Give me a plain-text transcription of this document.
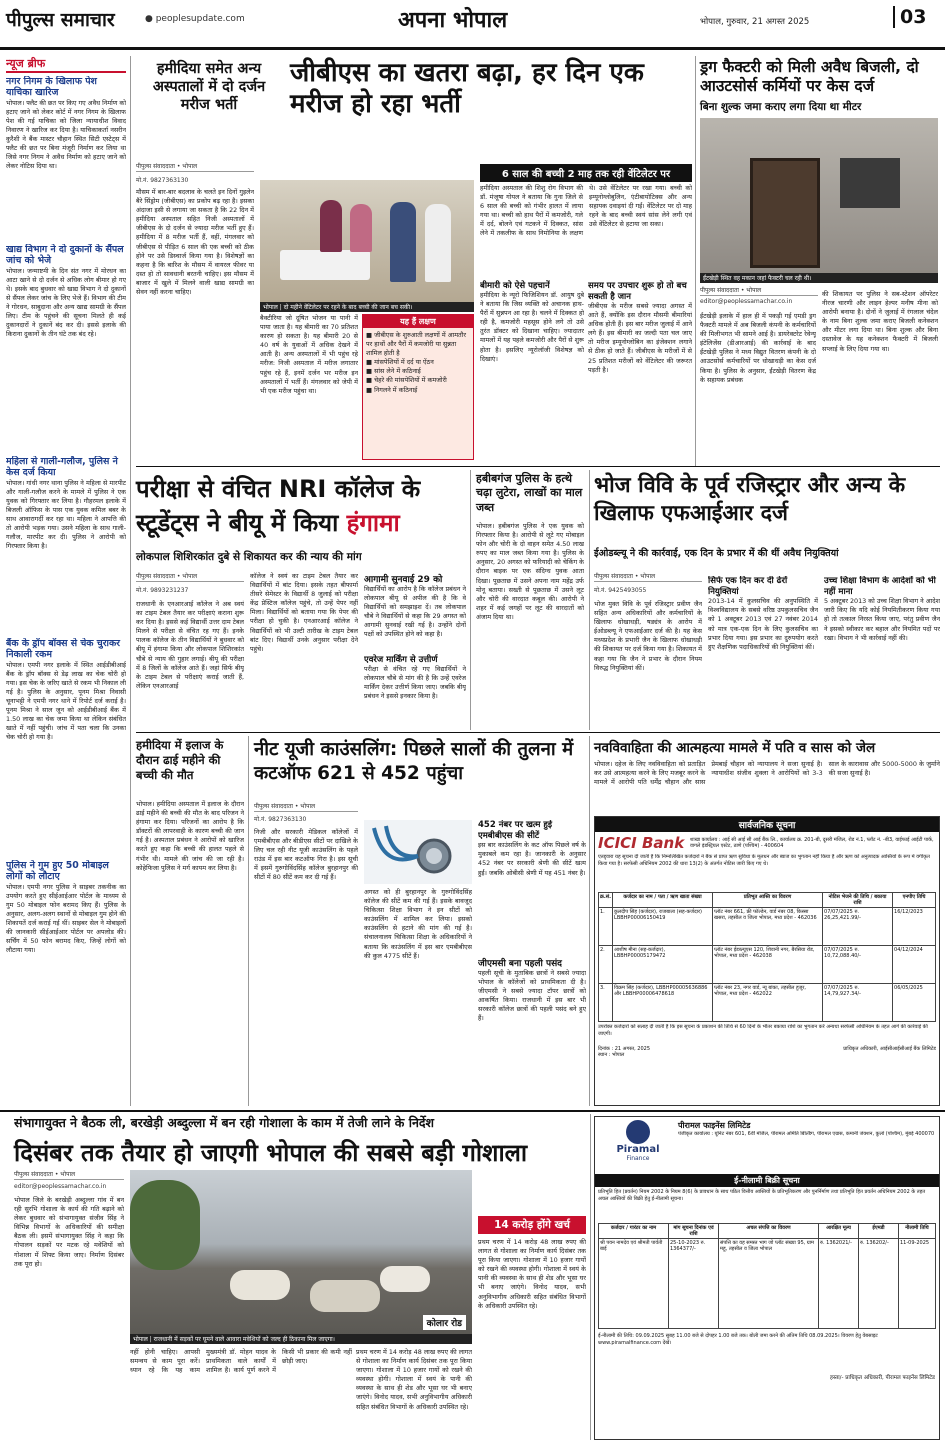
पीपुल्स समाचार	● peoplesupdate.com	अपना भोपाल	भोपाल, गुरुवार, 21 अगस्त 2025	03
न्यूज ब्रीफ
नगर निगम के खिलाफ पेश याचिका खारिज
भोपाल। फ्लैट की छत पर किए गए अवैध निर्माण को हटाए जाने को लेकर कोर्ट में नगर निगम के खिलाफ पेश की गई याचिका को जिला न्यायाधीश विवाद निवारण ने खारिज कर दिया है। याचिकाकर्ता नसरीन कुरैशी ने बैंक मास्टर चौहान स्थित सिटी एस्टेट्स में फ्लैट की छत पर बिना मंजूरी निर्माण कर लिया था जिसे नगर निगम ने अवैध निर्माण को हटाए जाने को लेकर नोटिस दिया था।
खाद्य विभाग ने दो दुकानों के सैंपल जांच को भेजे
भोपाल। जन्माष्टमी के दिन संत नगर में मोरधन का आटा खाने से दो दर्जन से अधिक लोग बीमार हो गए थे। इसके बाद बुधवार को खाद्य विभाग ने दो दुकानों से सैंपल लेकर जांच के लिए भेजे हैं। विभाग की टीम ने गोरधन, साबुदाना और अन्य खाद्य सामग्री के सैंपल लिए। टीम के पहुंचने की सूचना मिलते ही कई दुकानदारों ने दुकानें बंद कर दी। इससे इलाके की किराना दुकानों के तीन घंटे तक बंद रहे।
महिला से गाली-गलौज, पुलिस ने केस दर्ज किया
भोपाल। गांधी नगर थाना पुलिस ने महिला से मारपीट और गाली-गलौज करने के मामले में पुलिस ने एक युवक को गिरफ्तार कर लिया है। गौहरमल इलाके में बिजली ऑफिस के पास एक युवक कमिल बबर के साथ आवारागर्दी कर रहा था। महिला ने आपत्ति की तो आरोपी भड़क गया। उसने महिला के साथ गाली-गलौज, मारपीट कर दी। पुलिस ने आरोपी को गिरफ्तार किया है।
बैंक के ड्रॉप बॉक्स से चेक चुराकर निकाली रकम
भोपाल। एमपी नगर इलाके में स्थित आईडीबीआई बैंक के ड्रॉप बॉक्स से डेढ़ लाख का चेक चोरी हो गया। इस चेक के जरिए खाते से रकम भी निकाल ली गई है। पुलिस के अनुसार, पूनम मिश्रा निवासी चूनाभट्टी ने एमपी नगर थाने में रिपोर्ट दर्ज कराई है। पूनम मिश्रा ने साल जून को आईडीबीआई बैंक में 1.50 लाख का चेक जमा किया था लेकिन संबंधित खाते में नहीं पहुंची। जांच में पता चला कि उनका चेक चोरी हो गया है।
पुलिस ने गुम हुए 50 मोबाइल लोगों को लौटाए
भोपाल। एमपी नगर पुलिस ने साइबर तकनीक का उपयोग करते हुए सीईआईआर पोर्टल के माध्यम से गुम 50 मोबाइल फोन बरामद किए हैं। पुलिस के अनुसार, अलग-अलग स्थानों से मोबाइल गुम होने की शिकायतें दर्ज कराई गई थीं। साइबर सेल ने मोबाइलों की जानकारी सीईआईआर पोर्टल पर अपलोड की। सर्चिंग में 50 फोन बरामद किए, जिन्हें लोगों को लौटाया गया।
हमीदिया समेत अन्य अस्पतालों में दो दर्जन मरीज भर्ती
जीबीएस का खतरा बढ़ा, हर दिन एक मरीज हो रहा भर्ती
पीपुल्स संवाददाता • भोपाल
मो.नं. 9827363130
मौसम में बार-बार बदलाव के चलते इन दिनों गुइलेन बैरे सिंड्रोम (जीबीएस) का प्रकोप बढ़ रहा है। इसका अंदाजा इसी से लगाया जा सकता है कि 22 दिन में हमीदिया अस्पताल सहित निजी अस्पतालों में जीबीएस के दो दर्जन से ज्यादा मरीज भर्ती हुए हैं। हमीदिया में 8 मरीज भर्ती हैं, वहीं, मंगलवार को जीबीएस से पीड़ित 6 साल की एक बच्ची को ठीक होने पर उसे डिस्चार्ज किया गया है। विशेषज्ञों का कहना है कि बारिश के मौसम में वायरल फीवर या दस्त हो तो सावधानी बरतनी चाहिए। इस मौसम में बाजार में खुले में मिलने वाली खाद्य सामग्री का सेवन नहीं करना चाहिए।
6 साल की बच्ची 2 माह तक रही वेंटिलेटर पर
भोपाल | दो महीने वेंटिलेटर पर रहने के बाद बच्ची की जान बच सकी।
बैक्टीरिया जो दूषित भोजन या पानी में पाया जाता है। यह बीमारी का 70 प्रतिशत कारण हो सकता है। यह बीमारी 20 से 40 वर्ष के युवाओं में अधिक देखने में आती है। अन्य अस्पतालों में भी पहुंच रहे मरीज: निजी अस्पताल में मरीज लगातार पहुंच रहे हैं, इनमें दर्जन भर मरीज इन अस्पतालों में भर्ती हैं। मंगलवार को जेपी में भी एक मरीज पहुंचा था।
यह हैं लक्षण
■ जीबीएस के शुरुआती लक्षणों में आमतौर पर हाथों और पैरों में कमजोरी या सुन्नता शामिल होती है
■ मांसपेशियों में दर्द या ऐंठन
■ सांस लेने में कठिनाई
■ चेहरे की मांसपेशियों में कमजोरी
■ निगलने में कठिनाई
हमीदिया अस्पताल की शिशु रोग विभाग की डॉ. मंजूषा गोयल ने बताया कि गुना जिले से 6 साल की बच्ची को गंभीर हालत में लाया गया था। बच्ची को हाथ पैरों में कमजोरी, गले में दर्द, बोलने एवं गटकने में दिक्कत, सांस लेने में तकलीफ के साथ निमोनिया के लक्षण थे। उसे वेंटिलेटर पर रखा गया। बच्ची को इम्यूनोग्लोबुलिन, एंटीबायोटिक्स और अन्य सहायक दवाइयां दी गईं। वेंटिलेटर पर दो माह रहने के बाद बच्ची स्वयं सांस लेने लगी एवं उसे वेंटिलेटर से हटाया जा सका।
बीमारी को ऐसे पहचानें
हमीदिया के न्यूरो फिजिशियन डॉ. आयुष दुबे ने बताया कि जिस व्यक्ति को अचानक हाथ-पैरों में सुन्नपन आ रहा है। चलने में दिक्कत हो रही है, कमजोरी महसूस होने लगे तो उसे तुरंत डॉक्टर को दिखाना चाहिए। ज्यादातर मामलों में यह पहले कमजोरी और पैरों से शुरू होता है। इसलिए न्यूरोलॉजी विशेषज्ञ को दिखाएं।
समय पर उपचार शुरू हो तो बच सकती है जान
जीबीएस के मरीज सबसे ज्यादा अगस्त में आते हैं, क्योंकि इस दौरान मौसमी बीमारियां अधिक होती हैं। इस बार मरीज जुलाई में आने लगे हैं। इस बीमारी का जल्दी पता चल जाए तो मरीज इम्यूनोग्लोबिन का इंजेक्शन लगाने से ठीक हो जाते हैं। जीबीएस के मरीजों में से 25 प्रतिशत मरीजों को वेंटिलेटर की जरूरत पड़ती है।
ड्रग फैक्टरी को मिली अवैध बिजली, दो आउटसोर्स कर्मियों पर केस दर्ज
बिना शुल्क जमा कराए लगा दिया था मीटर
ईंटखेड़ी स्थित वह मकान जहां फैक्टरी चल रही थी।
पीपुल्स संवाददाता • भोपाल
editor@peoplessamachar.co.in
ईंटखेड़ी इलाके में हाल ही में पकड़ी गई एमडी ड्रग फैक्टरी मामले में अब बिजली कंपनी के कर्मचारियों की मिलीभगत भी सामने आई है। डायरेक्टरेट रेवेन्यू इंटेलिजेंस (डीआरआई) की कार्रवाई के बाद ईंटखेड़ी पुलिस ने मध्य विद्युत वितरण कंपनी के दो आउटसोर्स कर्मचारियों पर धोखाधड़ी का केस दर्ज किया है। पुलिस के अनुसार, ईंटखेड़ी वितरण केंद्र के सहायक प्रबंधक
की शिकायत पर पुलिस ने सब-स्टेशन ऑपरेटर नीरज चारणी और लाइन हेल्पर मनीष मीना को आरोपी बनाया है। दोनों ने जुलाई में रंगलाल चंदेल के नाम बिना शुल्क जमा कराए बिजली कनेक्शन और मीटर लगा दिया था। बिना शुल्क और बिना दस्तावेज के यह कनेक्शन फैक्टरी में बिजली सप्लाई के लिए दिया गया था।
परीक्षा से वंचित NRI कॉलेज के स्टूडेंट्स ने बीयू में किया हंगामा
लोकपाल शिशिरकांत दुबे से शिकायत कर की न्याय की मांग
पीपुल्स संवाददाता • भोपाल
मो.नं. 9893231237
राजधानी के एनआरआई कॉलेज ने अब स्वयं का टाइम टेबल तैयार कर परीक्षाएं कराना शुरू कर दिया है। इससे कई विद्यार्थी उत्तर दाम टेबल मिलने से परीक्षा से वंचित रह गए हैं। इनके पालक कॉलेज के तीन विद्यार्थियों ने बुधवार को बीयू में हंगामा किया और लोकपाल शिशिरकांत चौबे से न्याय की गुहार लगाई। बीयू की परीक्षा में 8 जिलों के कॉलेज आते हैं। जहां सिर्फ बीयू के टाइम टेबल से परीक्षाएं कराई जाती हैं, लेकिन एनआरआई
कॉलेज ने स्वयं का टाइम टेबल तैयार कर विद्यार्थियों में बांट दिया। इसके तहत बीफार्मा तीसरे सेमेस्टर के विद्यार्थी 8 जुलाई को परीक्षा केंद्र प्रेस्टिज कॉलेज पहुंचे, तो उन्हें पेपर नहीं मिला। विद्यार्थियों को बताया गया कि पेपर की परीक्षा हो चुकी है। एनआरआई कॉलेज ने विद्यार्थियों को भी उल्टी तारीख के टाइम टेबल बांट दिए। विद्यार्थी उनके अनुसार परीक्षा देने पहुंचे।
आगामी सुनवाई 29 को
विद्यार्थियों का आरोप है कि कॉलेज प्रबंधन ने लोकपाल बीयू से अपील की है कि वे विद्यार्थियों को समझाइश दें। तब लोकपाल चौबे ने विद्यार्थियों से कहा कि 29 अगस्त को आगामी सुनवाई रखी गई है। उन्होंने दोनों पक्षों को उपस्थित होने को कहा है।
एवरेज मार्किंग से उत्तीर्ण
परीक्षा से वंचित रहे गए विद्यार्थियों ने लोकपाल चौबे से मांग की है कि उन्हें एवरेज मार्किंग देकर उत्तीर्ण किया जाए। जबकि बीयू प्रबंधन ने इससे इनकार किया है।
हबीबगंज पुलिस के हत्थे चढ़ा लुटेरा, लाखों का माल जब्त
भोपाल। हबीबगंज पुलिस ने एक युवक को गिरफ्तार किया है। आरोपी से लूटे गए मोबाइल फोन और चोरी के दो वाहन समेत 4.50 लाख रुपए का माल जब्त किया गया है। पुलिस के अनुसार, 20 अगस्त को फरियादी को चेकिंग के दौरान बाइक पर एक संदिग्ध युवक आता दिखा। पूछताछ में उसने अपना नाम महेंद्र उर्फ मोनू बताया। सख्ती से पूछताछ में उसने लूट और चोरी की वारदात कबूल की। आरोपी ने शहर में कई जगहों पर लूट की वारदातों को अंजाम दिया था।
भोज विवि के पूर्व रजिस्ट्रार और अन्य के खिलाफ एफआईआर दर्ज
ईओडब्ल्यू ने की कार्रवाई, एक दिन के प्रभार में की थीं अवैध नियुक्तियां
पीपुल्स संवाददाता • भोपाल
मो.नं. 9425493055
भोज मुक्त विवि के पूर्व रजिस्ट्रार प्रवीण जैन सहित अन्य अधिकारियों और कर्मचारियों के खिलाफ धोखाधड़ी, षड्यंत्र के आरोप में ईओडब्ल्यू ने एफआईआर दर्ज की है। यह केस मध्यप्रदेश के प्रभारी जैन के खिलाफ धोखाधड़ी की शिकायत पर दर्ज किया गया है। शिकायत में कहा गया कि जैन ने प्रभार के दौरान नियम विरुद्ध नियुक्तियां कीं।
सिर्फ एक दिन कर दी ढेरों नियुक्तियां
2013-14 में कुलसचिव की अनुपस्थिति में विश्वविद्यालय के सबसे वरिष्ठ उपकुलसचिव जैन को 1 अक्टूबर 2013 एवं 27 नवंबर 2014 को मात्र एक-एक दिन के लिए कुलसचिव का प्रभार दिया गया। इस प्रभार का दुरुपयोग करते हुए शैक्षणिक पदाधिकारियों की नियुक्तियां कीं।
उच्च शिक्षा विभाग के आदेशों को भी नहीं माना
5 अक्टूबर 2013 को उच्च शिक्षा विभाग ने आदेश जारी किए कि यदि कोई नियमितीकरण किया गया हो तो तत्काल निरस्त किया जाए, परंतु प्रवीण जैन ने इसको स्वीकार कर बहाल और नियमित पदों पर रखा। विभाग ने भी कार्रवाई नहीं की।
हमीदिया में इलाज के दौरान ढाई महीने की बच्ची की मौत
भोपाल। हमीदिया अस्पताल में इलाज के दौरान ढाई महीने की बच्ची की मौत के बाद परिजन ने हंगामा कर दिया। परिजनों का आरोप है कि डॉक्टरों की लापरवाही के कारण बच्ची की जान गई है। अस्पताल प्रबंधन ने आरोपों को खारिज करते हुए कहा कि बच्ची की हालत पहले से गंभीर थी। मामले की जांच की जा रही है। कोहेफिजा पुलिस ने मर्ग कायम कर लिया है।
नीट यूजी काउंसलिंग: पिछले सालों की तुलना में कटऑफ 621 से 452 पहुंचा
पीपुल्स संवाददाता • भोपाल
मो.नं. 9827363130
निजी और सरकारी मेडिकल कॉलेजों में एमबीबीएस और बीडीएस सीटों पर दाखिले के लिए चल रही नीट यूजी काउंसलिंग के पहले राउंड में इस बार कटऑफ गिरा है। इस सूची में इसमें गुरुगोविंदसिंह कॉलेज बुरहानपुर की सीटों में 80 सीटें कम कर दी गई हैं।
अगस्त को ही बुरहानपुर के गुरुगोविंदसिंह कॉलेज की सीटें कम की गई हैं। इसके बावजूद चिकित्सा शिक्षा विभाग ने इन सीटों को काउंसलिंग में शामिल कर लिया। इसको काउंसलिंग से हटाने की मांग की गई है। संचालनालय चिकित्सा शिक्षा के अधिकारियों ने बताया कि काउंसलिंग में इस बार एमबीबीएस की कुल 4775 सीटें हैं।
452 नंबर पर खत्म हुई एमबीबीएस की सीटें
इस बार काउंसलिंग के कट ऑफ पिछले वर्ष के मुकाबले कम रहा है। जानकारी के अनुसार 452 नंबर पर सरकारी श्रेणी की सीटें खत्म हुईं। जबकि ओबीसी श्रेणी में यह 451 नंबर है।
जीएमसी बना पहली पसंद
पहली सूची के मुताबिक छात्रों ने सबसे ज्यादा भोपाल के कॉलेजों को प्राथमिकता दी है। जीएमसी ने सबसे ज्यादा टॉपर छात्रों को आकर्षित किया। राजधानी में इस बार भी सरकारी कॉलेज छात्रों की पहली पसंद बने हुए हैं।
नवविवाहिता की आत्महत्या मामले में पति व सास को जेल
भोपाल। दहेज के लिए नवविवाहिता को प्रताड़ित कर उसे आत्महत्या करने के लिए मजबूर करने के मामले में आरोपी पति धर्मेंद्र चौहान और सास प्रेमबाई चौहान को न्यायालय ने सजा सुनाई है। न्यायाधीश संजीव शुक्ला ने आरोपियों को 3-3 साल के कारावास और 5000-5000 के जुर्माने की सजा सुनाई है।
सार्वजनिक सूचना
ICICI Bank	शाखा कार्यालय : आई सी आई सी आई बैंक लि., कार्यालय क्र. 201-बी, दूसरी मंजिल, रोड नं.1, प्लॉट नं. -बी3, वाईफाई आईटी पार्क, वागले इंडस्ट्रियल एस्टेट, ठाणे (पश्चिम) - 400604
एतद्द्वारा यह सूचना दी जाती है कि निम्नलिखित कर्जदारों ने बैंक से प्राप्त ऋण सुविधा के मूलधन और ब्याज का भुगतान नहीं किया है और ऋण को अनुत्पादक आस्तियों के रूप में वर्गीकृत किया गया है। सरफेसी अधिनियम 2002 की धारा 13(2) के अंतर्गत नोटिस जारी किए गए थे।
क्र.सं.	कर्जदार का नाम / पता / ऋण खाता संख्या	प्रतिभूत आस्ति का विवरण	नोटिस भेजने की तिथि / बकाया राशि	एनपीए तिथि
1.	कुलदीप सिंह (कर्जदार), राजबाला (सह-कर्जदार) LBBHP00006150419	प्लॉट नंबर 661, फ्री फॉल्डेन, वार्ड नंबर 08, किस्सा खसरा, तहसील व जिला भोपाल, मध्य प्रदेश - 462036	07/07/2025 रु. 26,25,421.99/-	16/12/2023
2.	आशीष मीना (सह-कर्जदार), LBBHP00005179472	प्लॉट नंबर ईडब्ल्यूएस 120, शिवानी नगर, बैरसिया रोड, भोपाल, मध्य प्रदेश - 462038	07/07/2025 रु. 10,72,088.40/-	04/12/2024
3.	विक्रम सिंह (कर्जदार), LBBHP00005636886 और LBBHP00006478618	प्लॉट नंबर 23, नगर वार्ड, न्यू बांका, तहसील हुजूर, भोपाल, मध्य प्रदेश - 462022	07/07/2025 रु. 14,79,927.34/-	06/05/2025
उपरोक्त कर्जदारों को सलाह दी जाती है कि इस सूचना के प्रकाशन की तिथि से 60 दिनों के भीतर बकाया राशि का भुगतान करें अन्यथा सरफेसी अधिनियम के तहत आगे की कार्रवाई की जाएगी।
दिनांक : 21 अगस्त, 2025
स्थान : भोपाल
प्राधिकृत अधिकारी, आईसीआईसीआई बैंक लिमिटेड
संभागायुक्त ने बैठक ली, बरखेड़ी अब्दुल्ला में बन रही गोशाला के काम में तेजी लाने के निर्देश
दिसंबर तक तैयार हो जाएगी भोपाल की सबसे बड़ी गोशाला
पीपुल्स संवाददाता • भोपाल
editor@peoplessamachar.co.in
भोपाल जिले के बरखेड़ी अब्दुल्ला गांव में बन रही सुरभि गोशाला के कार्य की गति बढ़ाने को लेकर बुधवार को संभागायुक्त संजीव सिंह ने विभिन्न विभागों के अधिकारियों की समीक्षा बैठक ली। इसमें संभागायुक्त सिंह ने कहा कि गोपालन सड़कों पर मटक रहे मवेशियों को गोशाला में शिफ्ट किया जाए। निर्माण दिसंबर तक पूरा हो।
कोलार रोड
भोपाल | राजधानी में सड़कों पर घूमने वाले आवारा मवेशियों को जल्द ही ठिकाना मिल जाएगा।
नहीं होनी चाहिए। आपसी समन्वय से काम पूरा करें। ध्यान रहे कि यह काम मुख्यमंत्री डॉ. मोहन यादव के प्राथमिकता वाले कार्यों में शामिल है। कार्य पूर्ण करने में किसी भी प्रकार की कमी नहीं छोड़ी जाए।
14 करोड़ होंगे खर्च
प्रथम चरण में 14 करोड़ 48 लाख रुपए की लागत से गोशाला का निर्माण कार्य दिसंबर तक पूरा किया जाएगा। गोशाला में 10 हजार गायों को रखने की व्यवस्था होगी। गोशाला में स्वयं के पानी की व्यवस्था के साथ ही शेड और भूसा घर भी बनाए जाएंगे। विनोद यादव, सभी अनुविभागीय अधिकारी सहित संबंधित विभागों के अधिकारी उपस्थित रहे।
प्रथम चरण में 14 करोड़ 48 लाख रुपए की लागत से गोशाला का निर्माण कार्य दिसंबर तक पूरा किया जाएगा। गोशाला में 10 हजार गायों को रखने की व्यवस्था होगी। गोशाला में स्वयं के पानी की व्यवस्था के साथ ही शेड और भूसा घर भी बनाए जाएंगे। विनोद यादव, सभी अनुविभागीय अधिकारी सहित संबंधित विभागों के अधिकारी उपस्थित रहे।
Piramal
Finance
पीरामल फाइनेंस लिमिटेड
पंजीकृत कार्यालय : यूनिट नंबर 601, 6वीं मंजिल, पीरामल अमिति बिल्डिंग, पीरामल एग्रास, कमानी जंक्शन, कुर्ला (पश्चिम), मुंबई 400070
ई-नीलामी बिक्री सूचना
प्रतिभूति हित (प्रवर्तन) नियम 2002 के नियम 8(6) के प्रावधान के साथ पठित वित्तीय आस्तियों के प्रतिभूतिकरण और पुनर्निर्माण तथा प्रतिभूति हित प्रवर्तन अधिनियम 2002 के तहत अचल आस्तियों की बिक्री हेतु ई-नीलामी सूचना।
कर्जदार / गारंटर का नाम	मांग सूचना दिनांक एवं राशि	अचल संपत्ति का विवरण	आरक्षित मूल्य	ईएमडी	नीलामी तिथि
श्री पवन नामदेव एवं श्रीमती पार्वती बाई	25-10-2023 रु. 1364377/-	संपत्ति का वह समस्त भाग जो प्लॉट संख्या 95, ग्राम महू, तहसील व जिला भोपाल	रु. 1362021/-	रु. 136202/-	11-09-2025
ई-नीलामी की तिथि: 09.09.2025 सुबह 11.00 बजे से दोपहर 1.00 बजे तक। बोली जमा करने की अंतिम तिथि 08.09.2025। विवरण हेतु वेबसाइट www.piramalfinance.com देखें।
हस्ता/- प्राधिकृत अधिकारी, पीरामल फाइनेंस लिमिटेड
